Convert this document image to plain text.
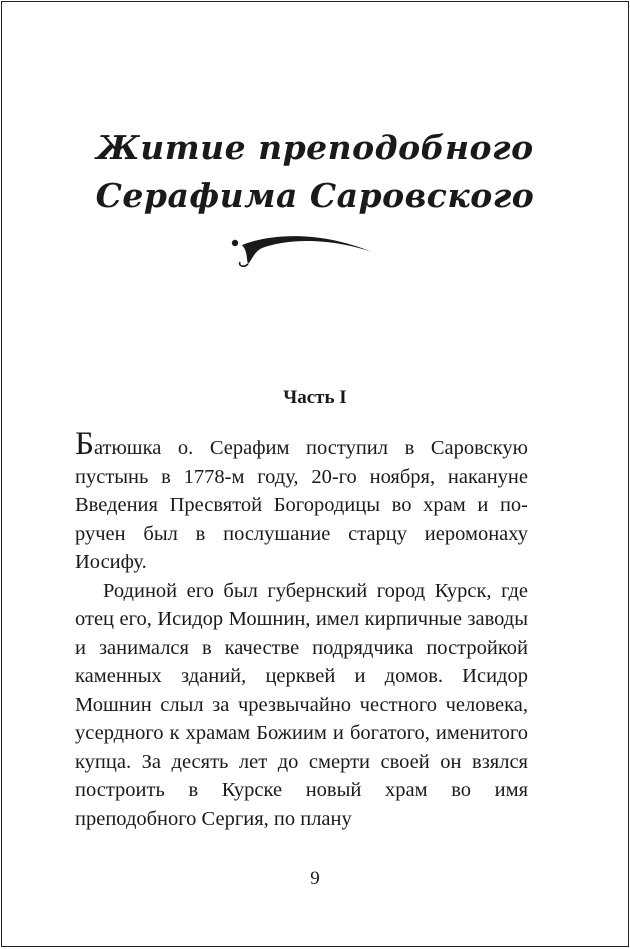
Житие преподобного
Серафима Саровского
Часть I

Батюшка о. Серафим поступил в Саровскую пустынь в 1778-м году, 20-го ноября, накануне Введения Пресвятой Богородицы во храм и поручен был в послушание старцу иеромонаху Иосифу.

Родиной его был губернский город Курск, где отец его, Исидор Мошнин, имел кирпичные заводы и занимался в качестве подрядчика постройкой каменных зданий, церквей и домов. Исидор Мошнин слыл за чрезвычайно честного человека, усердного к храмам Божиим и богатого, именитого купца. За десять лет до смерти своей он взялся построить в Курске новый храм во имя преподобного Сергия, по плану

9
